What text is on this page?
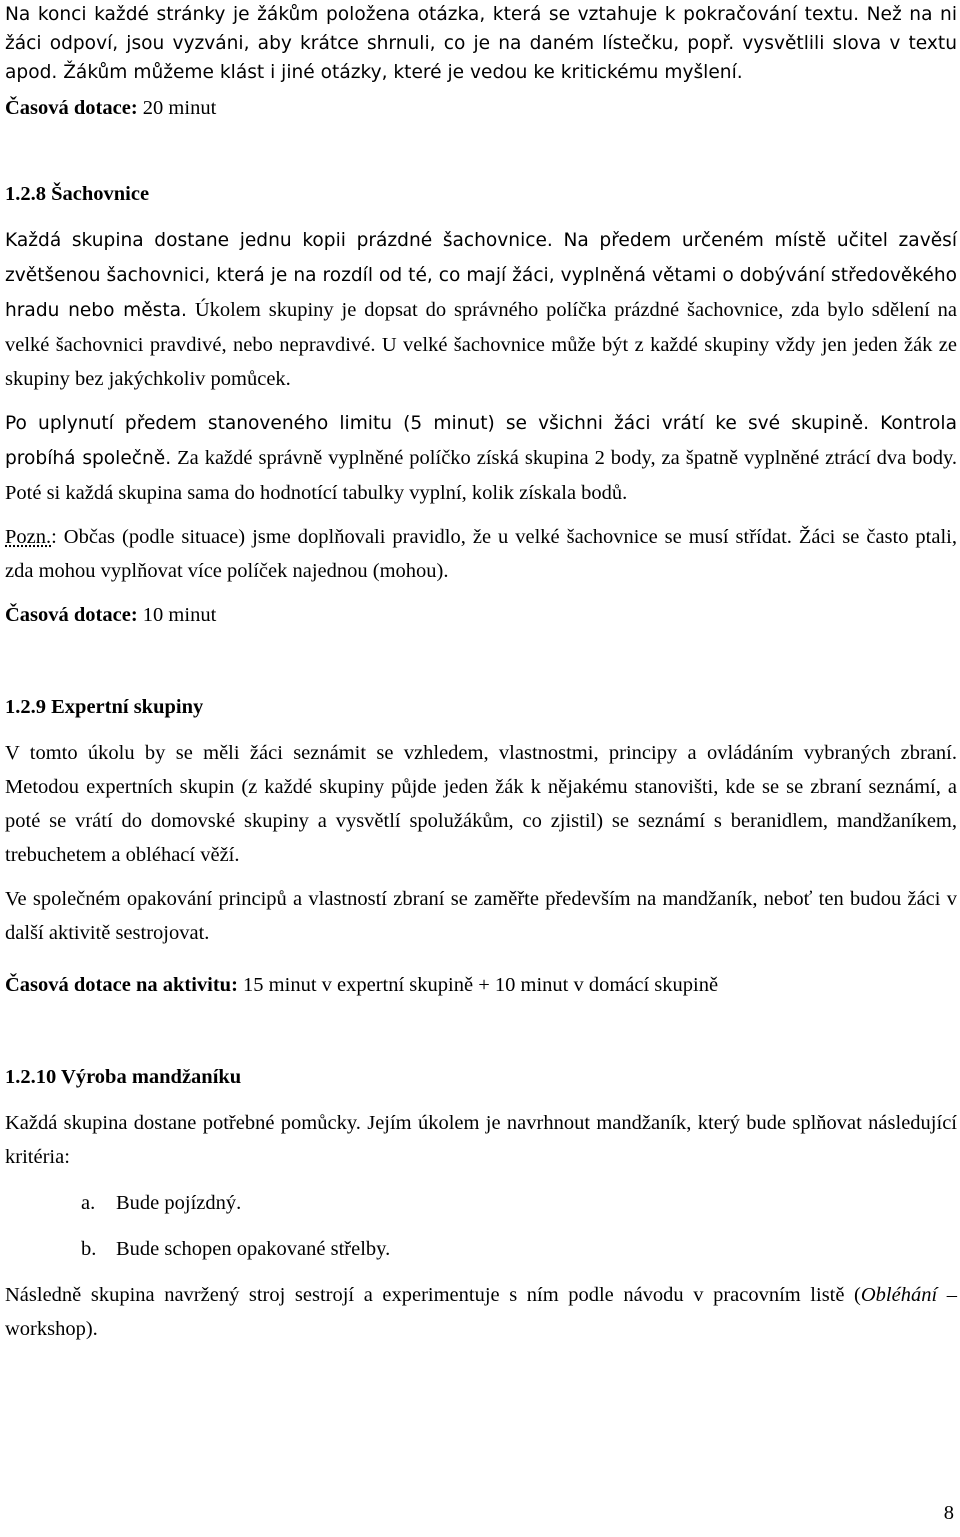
Na konci každé stránky je žákům položena otázka, která se vztahuje k pokračování textu. Než na ni žáci odpoví, jsou vyzváni, aby krátce shrnuli, co je na daném lístečku, popř. vysvětlili slova v textu apod. Žákům můžeme klást i jiné otázky, které je vedou ke kritickému myšlení.

Časová dotace: 20 minut

1.2.8 Šachovnice

Každá skupina dostane jednu kopii prázdné šachovnice. Na předem určeném místě učitel zavěsí zvětšenou šachovnici, která je na rozdíl od té, co mají žáci, vyplněná větami o dobývání středověkého hradu nebo města. Úkolem skupiny je dopsat do správného políčka prázdné šachovnice, zda bylo sdělení na velké šachovnici pravdivé, nebo nepravdivé. U velké šachovnice může být z každé skupiny vždy jen jeden žák ze skupiny bez jakýchkoliv pomůcek.

Po uplynutí předem stanoveného limitu (5 minut) se všichni žáci vrátí ke své skupině. Kontrola probíhá společně. Za každé správně vyplněné políčko získá skupina 2 body, za špatně vyplněné ztrácí dva body. Poté si každá skupina sama do hodnotící tabulky vyplní, kolik získala bodů.

Pozn.: Občas (podle situace) jsme doplňovali pravidlo, že u velké šachovnice se musí střídat. Žáci se často ptali, zda mohou vyplňovat více políček najednou (mohou).

Časová dotace: 10 minut

1.2.9 Expertní skupiny

V tomto úkolu by se měli žáci seznámit se vzhledem, vlastnostmi, principy a ovládáním vybraných zbraní. Metodou expertních skupin (z každé skupiny půjde jeden žák k nějakému stanovišti, kde se se zbraní seznámí, a poté se vrátí do domovské skupiny a vysvětlí spolužákům, co zjistil) se seznámí s beranidlem, mandžaníkem, trebuchetem a obléhací věží.

Ve společném opakování principů a vlastností zbraní se zaměřte především na mandžaník, neboť ten budou žáci v další aktivitě sestrojovat.

Časová dotace na aktivitu: 15 minut v expertní skupině + 10 minut v domácí skupině

1.2.10 Výroba mandžaníku

Každá skupina dostane potřebné pomůcky. Jejím úkolem je navrhnout mandžaník, který bude splňovat následující kritéria:

a.	Bude pojízdný.
b. Bude schopen opakované střelby.

Následně skupina navržený stroj sestrojí a experimentuje s ním podle návodu v pracovním listě (Obléhání – workshop).

8
